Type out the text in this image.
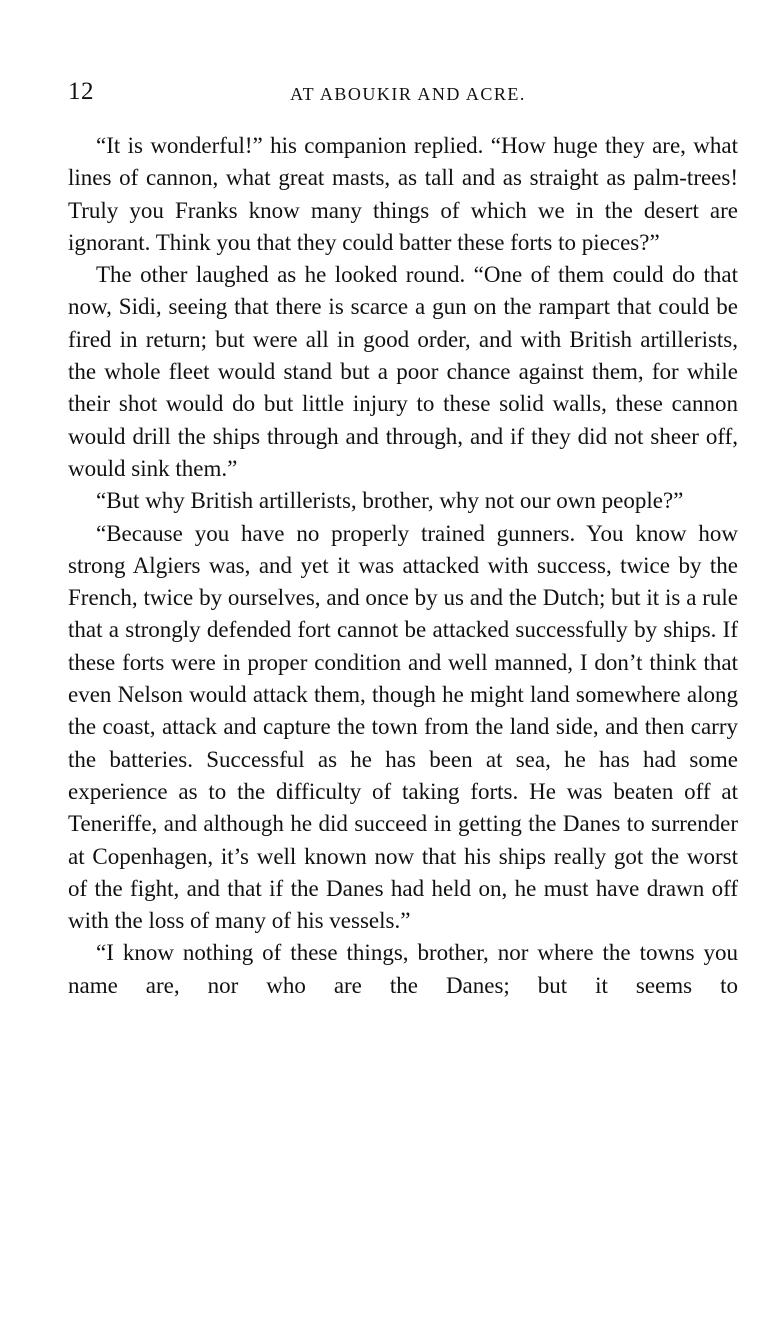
12	AT ABOUKIR AND ACRE.

“It is wonderful!” his companion replied. “How huge they are, what lines of cannon, what great masts, as tall and as straight as palm-trees! Truly you Franks know many things of which we in the desert are ignorant. Think you that they could batter these forts to pieces?”

The other laughed as he looked round. “One of them could do that now, Sidi, seeing that there is scarce a gun on the rampart that could be fired in return; but were all in good order, and with British artillerists, the whole fleet would stand but a poor chance against them, for while their shot would do but little injury to these solid walls, these cannon would drill the ships through and through, and if they did not sheer off, would sink them.”

“But why British artillerists, brother, why not our own people?”

“Because you have no properly trained gunners. You know how strong Algiers was, and yet it was attacked with success, twice by the French, twice by ourselves, and once by us and the Dutch; but it is a rule that a strongly defended fort cannot be attacked successfully by ships. If these forts were in proper condition and well manned, I don’t think that even Nelson would attack them, though he might land somewhere along the coast, attack and capture the town from the land side, and then carry the batteries. Successful as he has been at sea, he has had some experience as to the difficulty of taking forts. He was beaten off at Teneriffe, and although he did succeed in getting the Danes to surrender at Copenhagen, it’s well known now that his ships really got the worst of the fight, and that if the Danes had held on, he must have drawn off with the loss of many of his vessels.”

“I know nothing of these things, brother, nor where the towns you name are, nor who are the Danes; but it seems to
